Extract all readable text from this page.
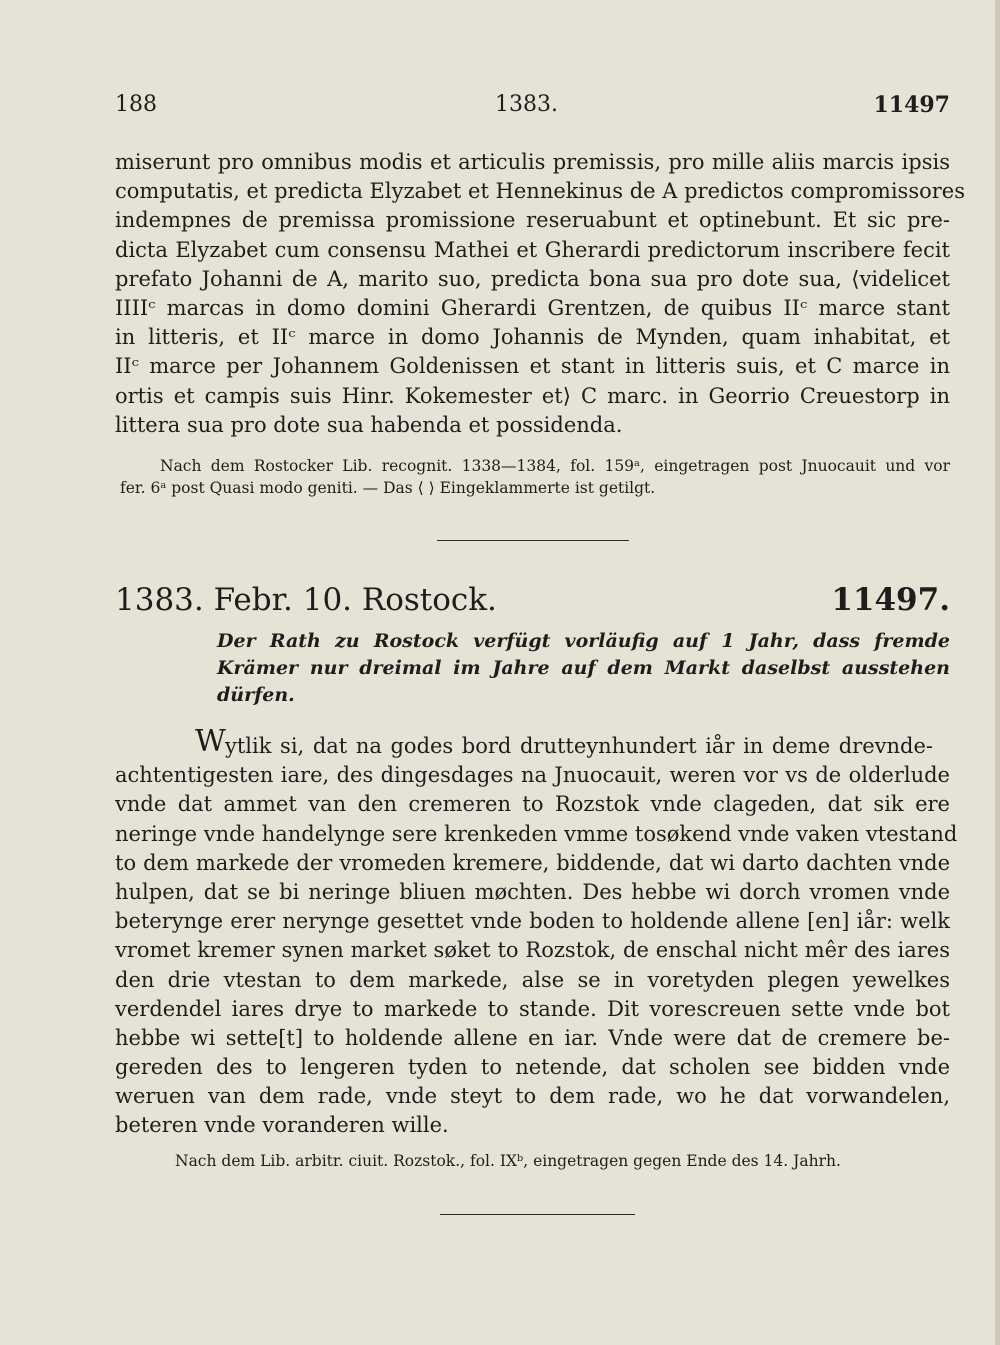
188	1383.	11497
miserunt pro omnibus modis et articulis premissis, pro mille aliis marcis ipsis
computatis, et predicta Elyzabet et Hennekinus de A predictos compromissores
indempnes de premissa promissione reseruabunt et optinebunt. Et sic pre-
dicta Elyzabet cum consensu Mathei et Gherardi predictorum inscribere fecit
prefato Johanni de A, marito suo, predicta bona sua pro dote sua, ⟨videlicet
IIIIᶜ marcas in domo domini Gherardi Grentzen, de quibus IIᶜ marce stant
in litteris, et IIᶜ marce in domo Johannis de Mynden, quam inhabitat, et
IIᶜ marce per Johannem Goldenissen et stant in litteris suis, et C marce in
ortis et campis suis Hinr. Kokemester et⟩ C marc. in Georrio Creuestorp in
littera sua pro dote sua habenda et possidenda.
Nach dem Rostocker Lib. recognit. 1338—1384, fol. 159ᵃ, eingetragen post Jnuocauit und vor
fer. 6ᵃ post Quasi modo geniti. — Das ⟨ ⟩ Eingeklammerte ist getilgt.
1383. Febr. 10. Rostock.	11497.
Der Rath zu Rostock verfügt vorläufig auf 1 Jahr, dass fremde
Krämer nur dreimal im Jahre auf dem Markt daselbst ausstehen
dürfen.
W ytlik si, dat na godes bord drutteynhundert iår in deme drevnde-
achtentigesten iare, des dingesdages na Jnuocauit, weren vor vs de olderlude
vnde dat ammet van den cremeren to Rozstok vnde clageden, dat sik ere
neringe vnde handelynge sere krenkeden vmme tosøkend vnde vaken vtestand
to dem markede der vromeden kremere, biddende, dat wi darto dachten vnde
hulpen, dat se bi neringe bliuen møchten. Des hebbe wi dorch vromen vnde
beterynge erer nerynge gesettet vnde boden to holdende allene [en] iår: welk
vromet kremer synen market søket to Rozstok, de enschal nicht mêr des iares
den drie vtestan to dem markede, alse se in voretyden plegen yewelkes
verdendel iares drye to markede to stande. Dit vorescreuen sette vnde bot
hebbe wi sette[t] to holdende allene en iar. Vnde were dat de cremere be-
gereden des to lengeren tyden to netende, dat scholen see bidden vnde
weruen van dem rade, vnde steyt to dem rade, wo he dat vorwandelen,
beteren vnde voranderen wille.
Nach dem Lib. arbitr. ciuit. Rozstok., fol. IXᵇ, eingetragen gegen Ende des 14. Jahrh.
